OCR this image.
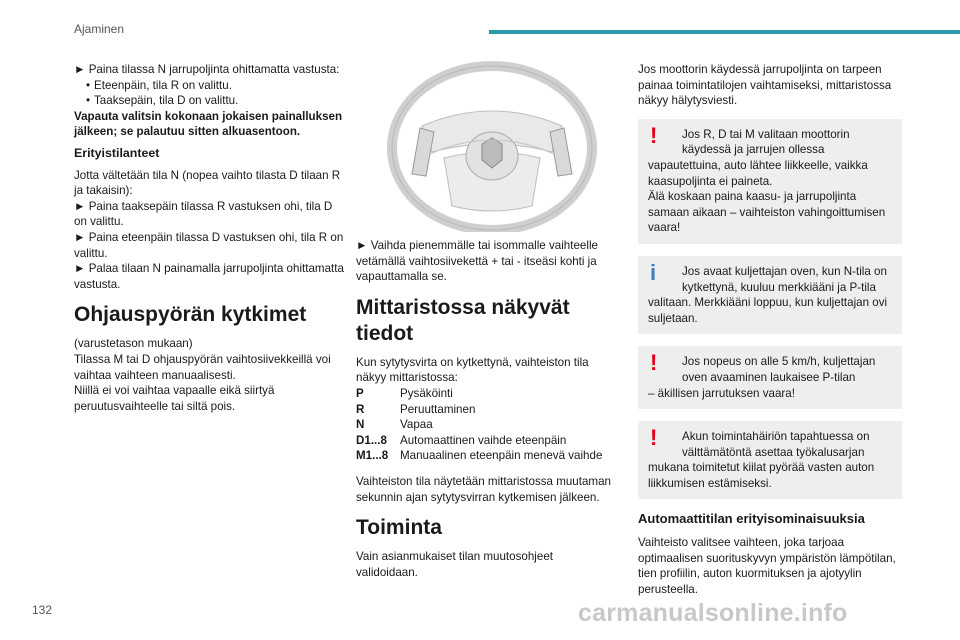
Ajaminen

► Paina tilassa N jarrupoljinta ohittamatta vastusta:

• Eteenpäin, tila R on valittu.

• Taaksepäin, tila D on valittu.

Vapauta valitsin kokonaan jokaisen painalluksen jälkeen; se palautuu sitten alkuasentoon.

Erityistilanteet

Jotta vältetään tila N (nopea vaihto tilasta D tilaan R ja takaisin):

► Paina taaksepäin tilassa R vastuksen ohi, tila D on valittu.

► Paina eteenpäin tilassa D vastuksen ohi, tila R on valittu.

► Palaa tilaan N painamalla jarrupoljinta ohittamatta vastusta.

Ohjauspyörän kytkimet

(varustetason mukaan)

Tilassa M tai D ohjauspyörän vaihtosiivekkeillä voi vaihtaa vaihteen manuaalisesti.

Niillä ei voi vaihtaa vapaalle eikä siirtyä peruutusvaihteelle tai siltä pois.

► Vaihda pienemmälle tai isommalle vaihteelle vetämällä vaihtosiivekettä + tai - itseäsi kohti ja vapauttamalla se.

Mittaristossa näkyvät tiedot

Kun sytytysvirta on kytkettynä, vaihteiston tila näkyy mittaristossa:

P	Pysäköinti
R	Peruuttaminen
N	Vapaa
D1...8	Automaattinen vaihde eteenpäin
M1...8	Manuaalinen eteenpäin menevä vaihde

Vaihteiston tila näytetään mittaristossa muutaman sekunnin ajan sytytysvirran kytkemisen jälkeen.

Toiminta

Vain asianmukaiset tilan muutosohjeet validoidaan.

Jos moottorin käydessä jarrupoljinta on tarpeen painaa toimintatilojen vaihtamiseksi, mittaristossa näkyy hälytysviesti.

!	Jos R, D tai M valitaan moottorin käydessä ja jarrujen ollessa

vapautettuina, auto lähtee liikkeelle, vaikka kaasupoljinta ei paineta.

Älä koskaan paina kaasu- ja jarrupoljinta samaan aikaan – vaihteiston vahingoittumisen vaara!

i	Jos avaat kuljettajan oven, kun N-tila on kytkettynä, kuuluu merkkiääni ja P-tila

valitaan. Merkkiääni loppuu, kun kuljettajan ovi suljetaan.

!	Jos nopeus on alle 5 km/h, kuljettajan oven avaaminen laukaisee P-tilan

– äkillisen jarrutuksen vaara!

!	Akun toimintahäiriön tapahtuessa on välttämätöntä asettaa työkalusarjan

mukana toimitetut kiilat pyörää vasten auton liikkumisen estämiseksi.

Automaattitilan erityisominaisuuksia

Vaihteisto valitsee vaihteen, joka tarjoaa optimaalisen suorituskyvyn ympäristön lämpötilan, tien profiilin, auton kuormituksen ja ajotyylin perusteella.

132	carmanualsonline.info
